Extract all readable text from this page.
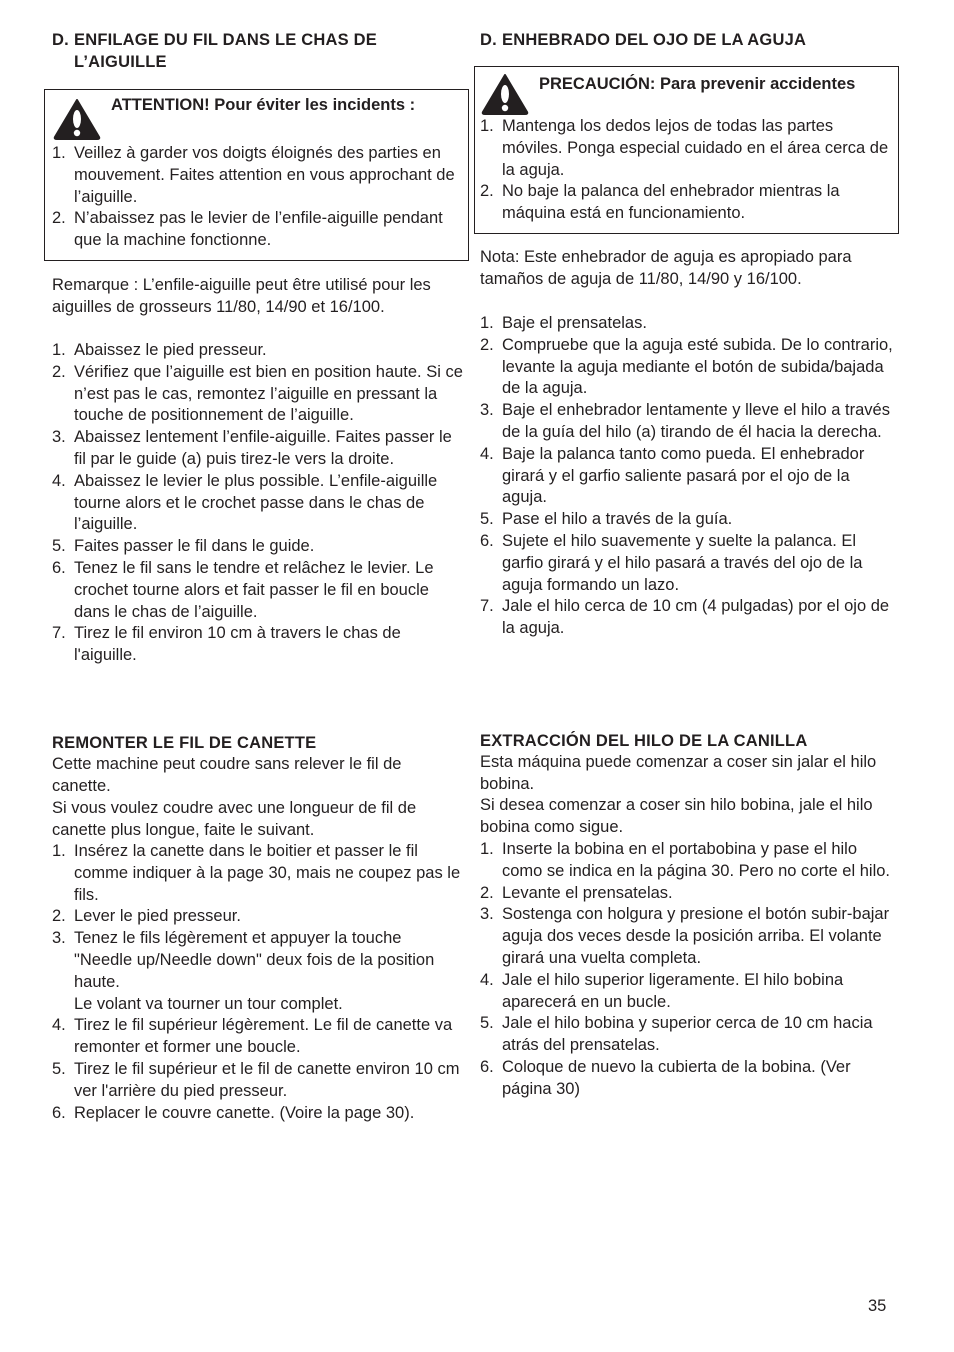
D. ENFILAGE DU FIL DANS LE CHAS DE L’AIGUILLE
ATTENTION! Pour éviter les incidents :
1. Veillez à garder vos doigts éloignés des parties en mouvement. Faites attention en vous approchant de l’aiguille.
2. N’abaissez pas le levier de l’enfile-aiguille pendant que la machine fonctionne.

Remarque : L’enfile-aiguille peut être utilisé pour les aiguilles de grosseurs 11/80, 14/90 et 16/100.

1. Abaissez le pied presseur.
2. Vérifiez que l’aiguille est bien en position haute. Si ce n’est pas le cas, remontez l’aiguille en pressant la touche de positionnement de l’aiguille.
3. Abaissez lentement l’enfile-aiguille. Faites passer le fil par le guide (a) puis tirez-le vers la droite.
4. Abaissez le levier le plus possible. L’enfile-aiguille tourne alors et le crochet passe dans le chas de l’aiguille.
5. Faites passer le fil dans le guide.
6. Tenez le fil sans le tendre et relâchez le levier. Le crochet tourne alors et fait passer le fil en boucle dans le chas de l’aiguille.
7. Tirez le fil environ 10 cm à travers le chas de l'aiguille.
REMONTER LE FIL DE CANETTE

Cette machine peut coudre sans relever le fil de canette.

Si vous voulez coudre avec une longueur de fil de canette plus longue, faite le suivant.

1. Insérez la canette dans le boitier et passer le fil comme indiquer à la page 30, mais ne coupez pas le fils.
2. Lever le pied presseur.
3. Tenez le fils légèrement et appuyer la touche "Needle up/Needle down" deux fois de la position haute.
Le volant va tourner un tour complet.
4. Tirez le fil supérieur légèrement. Le fil de canette va remonter et former une boucle.
5. Tirez le fil supérieur et le fil de canette environ 10 cm ver l'arrière du pied presseur.
6. Replacer le couvre canette. (Voire la page 30).
D. ENHEBRADO DEL OJO DE LA AGUJA
PRECAUCIÓN: Para prevenir accidentes
1. Mantenga los dedos lejos de todas las partes móviles. Ponga especial cuidado en el área cerca de la aguja.
2. No baje la palanca del enhebrador mientras la máquina está en funcionamiento.

Nota: Este enhebrador de aguja es apropiado para tamaños de aguja de 11/80, 14/90 y 16/100.

1. Baje el prensatelas.
2. Compruebe que la aguja esté subida. De lo contrario, levante la aguja mediante el botón de subida/bajada de la aguja.
3. Baje el enhebrador lentamente y lleve el hilo a través de la guía del hilo (a) tirando de él hacia la derecha.
4. Baje la palanca tanto como pueda. El enhebrador girará y el garfio saliente pasará por el ojo de la aguja.
5. Pase el hilo a través de la guía.
6. Sujete el hilo suavemente y suelte la palanca. El garfio girará y el hilo pasará a través del ojo de la aguja formando un lazo.
7. Jale el hilo cerca de 10 cm (4 pulgadas) por el ojo de la aguja.
EXTRACCIÓN DEL HILO DE LA CANILLA

Esta máquina puede comenzar a coser sin jalar el hilo bobina.

Si desea comenzar a coser sin hilo bobina, jale el hilo bobina como sigue.

1. Inserte la bobina en el portabobina y pase el hilo como se indica en la página 30. Pero no corte el hilo.
2. Levante el prensatelas.
3. Sostenga con holgura y presione el botón subir-bajar aguja dos veces desde la posición arriba. El volante girará una vuelta completa.
4. Jale el hilo superior ligeramente. El hilo bobina aparecerá en un bucle.
5. Jale el hilo bobina y superior cerca de 10 cm hacia atrás del prensatelas.
6. Coloque de nuevo la cubierta de la bobina. (Ver página 30)
35
